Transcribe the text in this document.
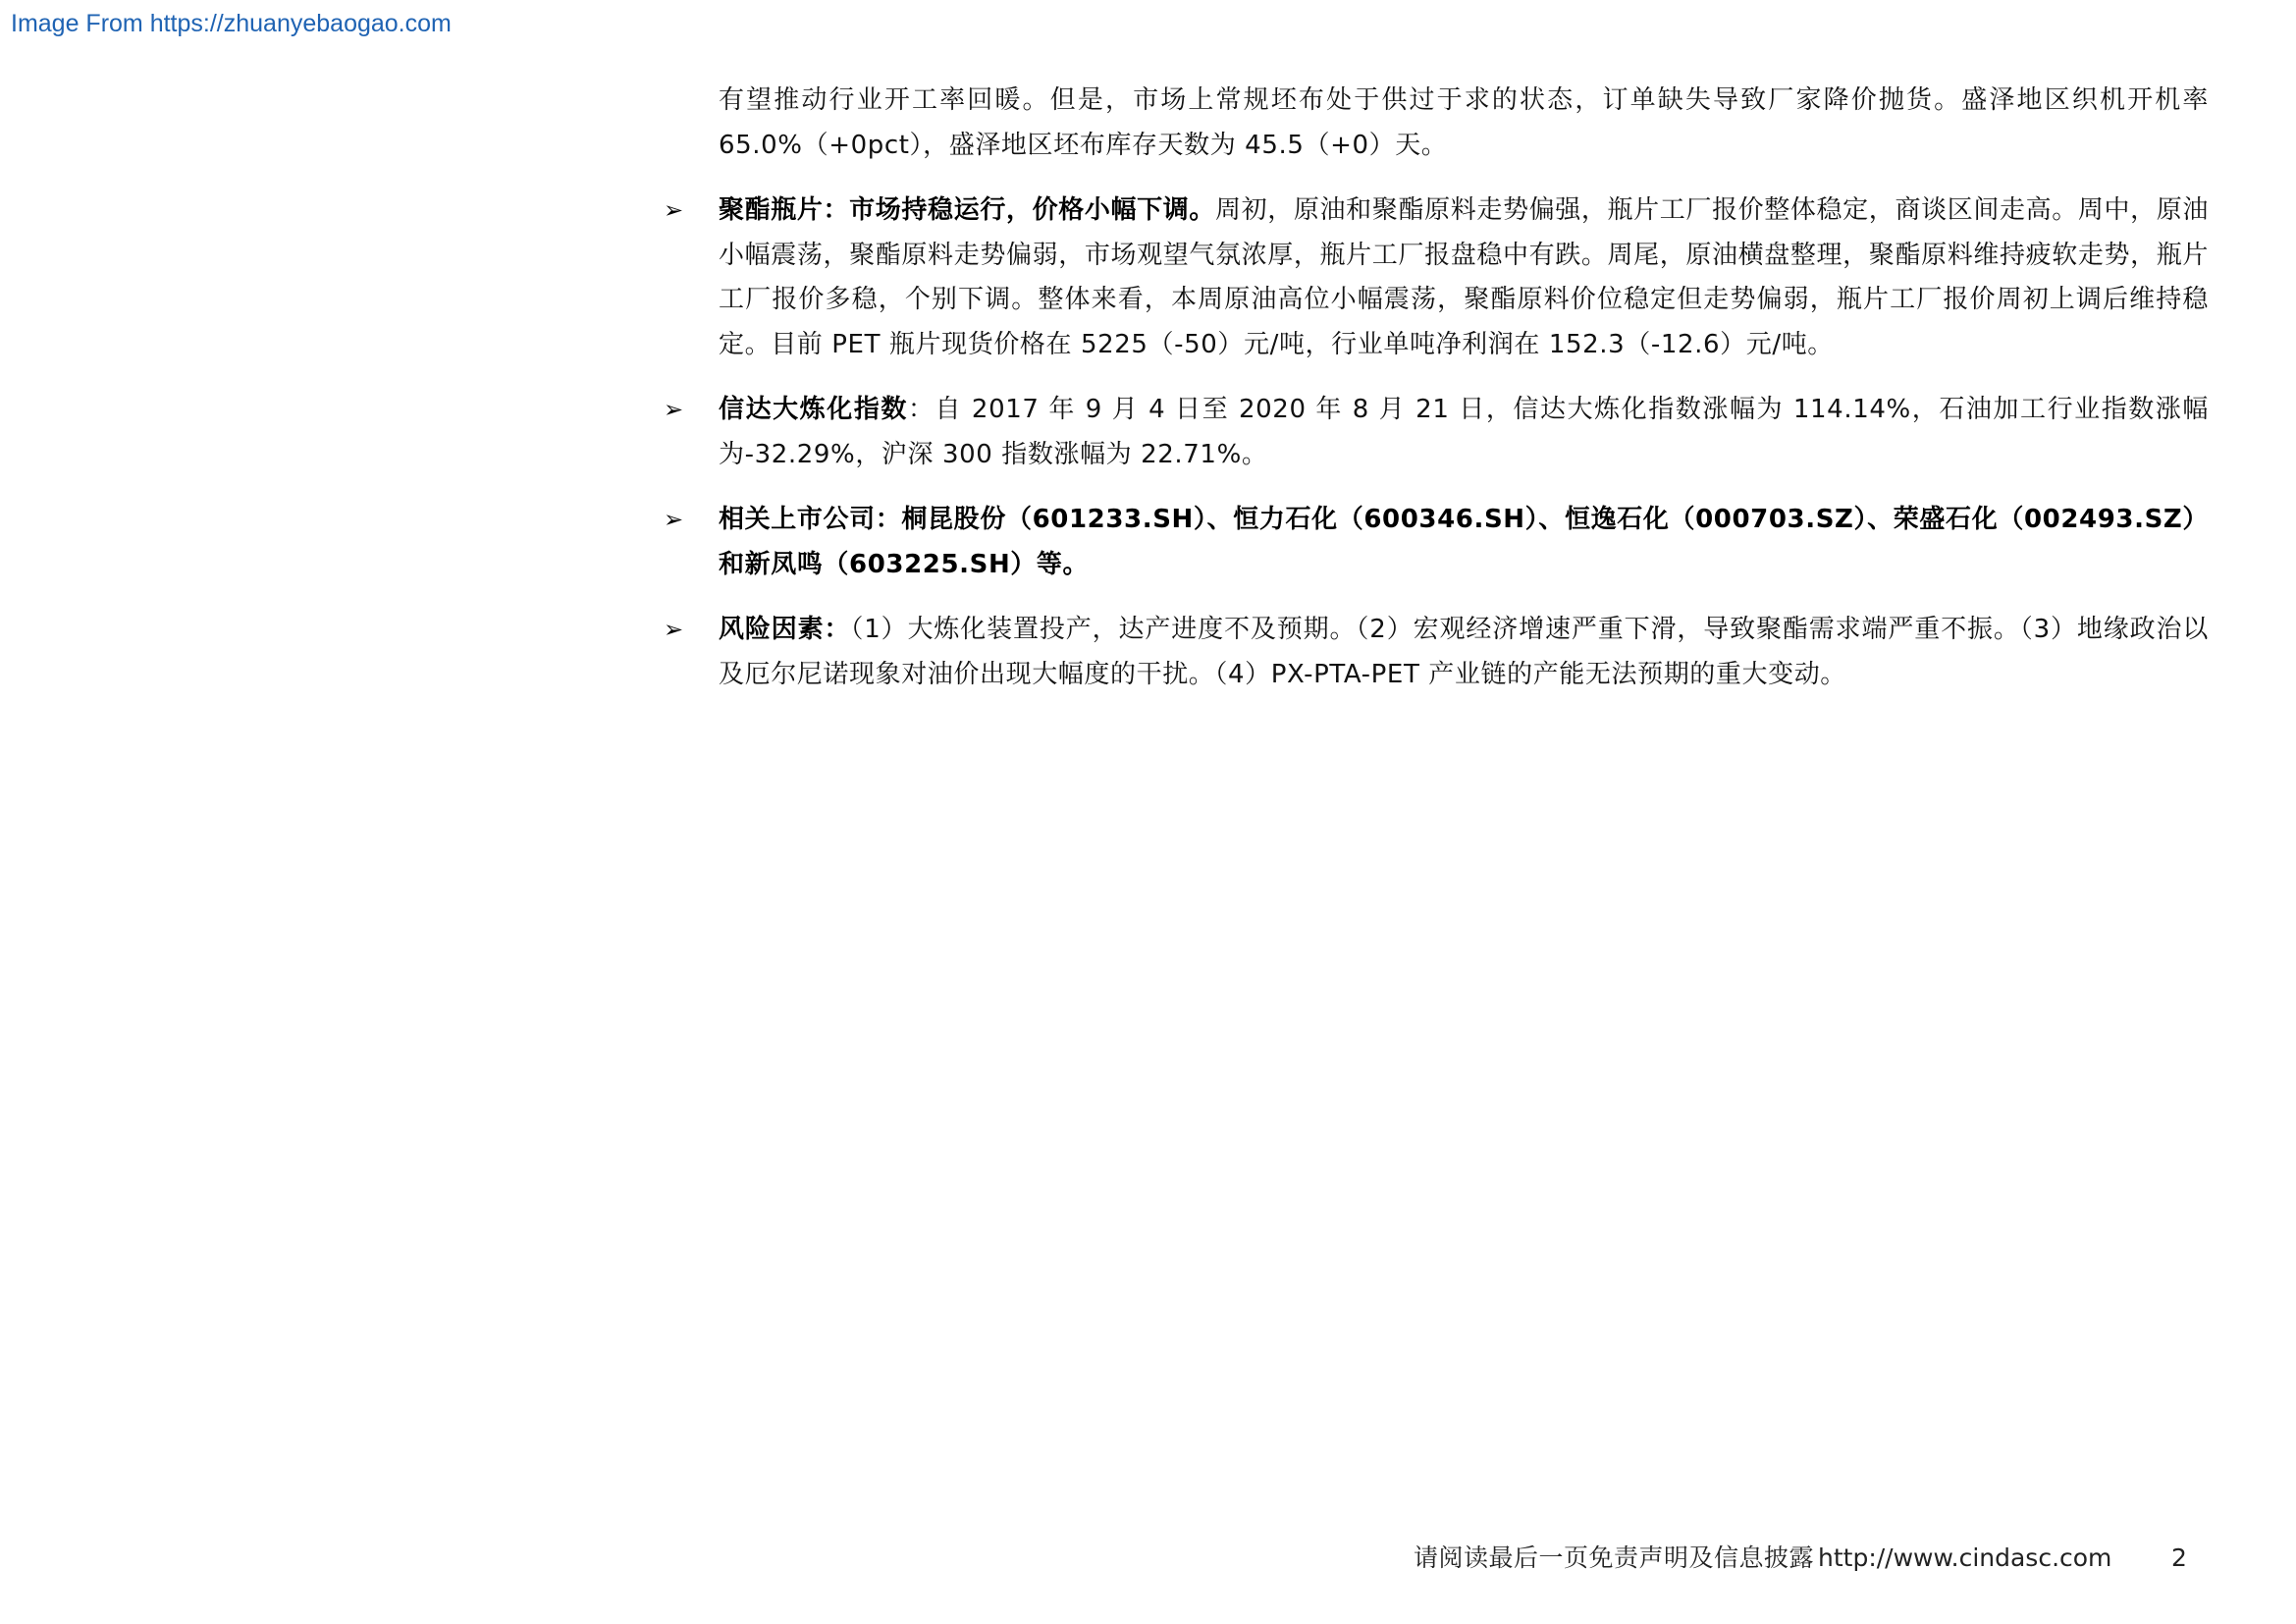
Image From https://zhuanyebaogao.com

有望推动行业开工率回暖。但是，市场上常规坯布处于供过于求的状态，订单缺失导致厂家降价抛货。盛泽地区织机开机率 65.0%（+0pct），盛泽地区坯布库存天数为 45.5（+0）天。

➢ 聚酯瓶片：市场持稳运行，价格小幅下调。周初，原油和聚酯原料走势偏强，瓶片工厂报价整体稳定，商谈区间走高。周中，原油小幅震荡，聚酯原料走势偏弱，市场观望气氛浓厚，瓶片工厂报盘稳中有跌。周尾，原油横盘整理，聚酯原料维持疲软走势，瓶片工厂报价多稳，个别下调。整体来看，本周原油高位小幅震荡，聚酯原料价位稳定但走势偏弱，瓶片工厂报价周初上调后维持稳定。目前 PET 瓶片现货价格在 5225（-50）元/吨，行业单吨净利润在 152.3（-12.6）元/吨。
➢ 信达大炼化指数：自 2017 年 9 月 4 日至 2020 年 8 月 21 日，信达大炼化指数涨幅为 114.14%，石油加工行业指数涨幅为-32.29%，沪深 300 指数涨幅为 22.71%。
➢ 相关上市公司：桐昆股份（601233.SH）、恒力石化（600346.SH）、恒逸石化（000703.SZ）、荣盛石化（002493.SZ）和新凤鸣（603225.SH）等。
➢ 风险因素：（1）大炼化装置投产，达产进度不及预期。（2）宏观经济增速严重下滑，导致聚酯需求端严重不振。（3）地缘政治以及厄尔尼诺现象对油价出现大幅度的干扰。（4）PX-PTA-PET 产业链的产能无法预期的重大变动。
请阅读最后一页免责声明及信息披露 http://www.cindasc.com 2
